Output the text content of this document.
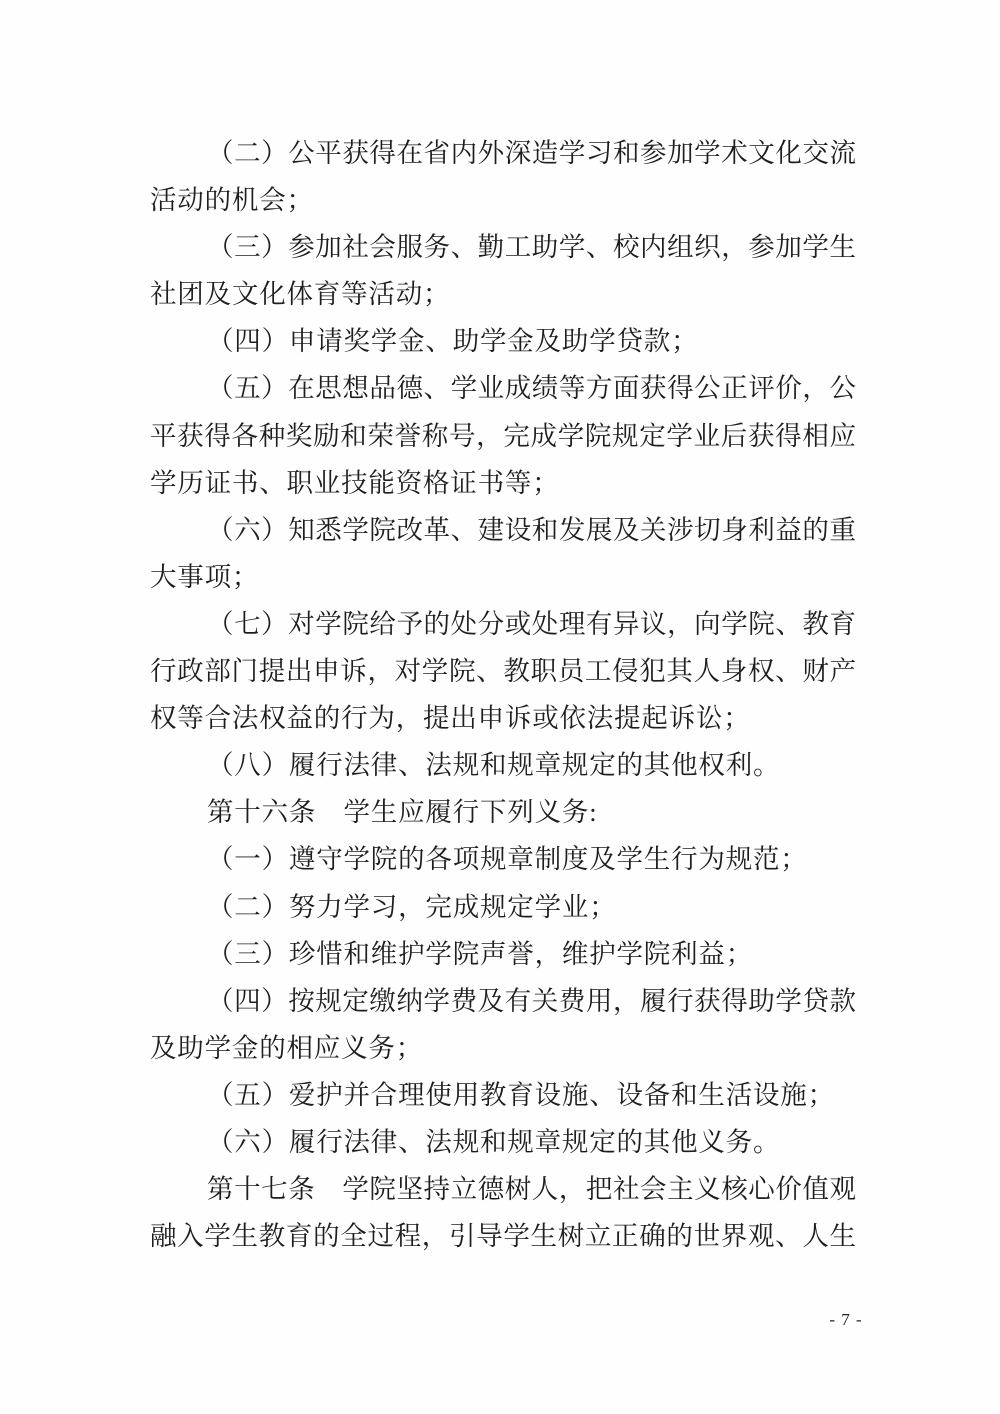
（二）公平获得在省内外深造学习和参加学术文化交流
活动的机会；
（三）参加社会服务、勤工助学、校内组织，参加学生
社团及文化体育等活动；
（四）申请奖学金、助学金及助学贷款；
（五）在思想品德、学业成绩等方面获得公正评价，公
平获得各种奖励和荣誉称号，完成学院规定学业后获得相应
学历证书、职业技能资格证书等；
（六）知悉学院改革、建设和发展及关涉切身利益的重
大事项；
（七）对学院给予的处分或处理有异议，向学院、教育
行政部门提出申诉，对学院、教职员工侵犯其人身权、财产
权等合法权益的行为，提出申诉或依法提起诉讼；
（八）履行法律、法规和规章规定的其他权利。
第十六条　学生应履行下列义务:
（一）遵守学院的各项规章制度及学生行为规范；
（二）努力学习，完成规定学业；
（三）珍惜和维护学院声誉，维护学院利益；
（四）按规定缴纳学费及有关费用，履行获得助学贷款
及助学金的相应义务；
（五）爱护并合理使用教育设施、设备和生活设施；
（六）履行法律、法规和规章规定的其他义务。
第十七条　学院坚持立德树人，把社会主义核心价值观
融入学生教育的全过程，引导学生树立正确的世界观、人生
- 7 -
